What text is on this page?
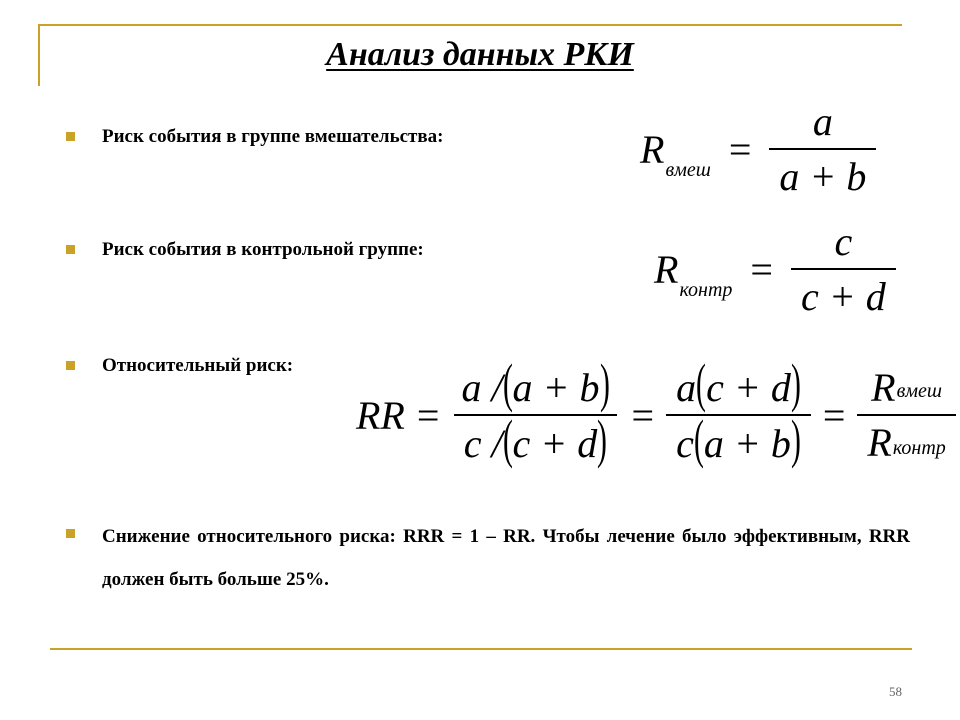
Анализ данных РКИ
Риск события в группе вмешательства:	R вмеш = $\frac{a}{a + b}$
Риск события в контрольной группе:	R контр = $\frac{c}{c + d}$
Относительный риск:
RR = $\frac{a /(a + b)}{c /(c + d)} = \frac{a(c + d)}{c(a + b)} = \frac{\text{R вмеш}}{\text{R контр}}$
Снижение относительного риска: RRR = 1 – RR. Чтобы лечение было эффективным, RRR должен быть больше 25%.
58
